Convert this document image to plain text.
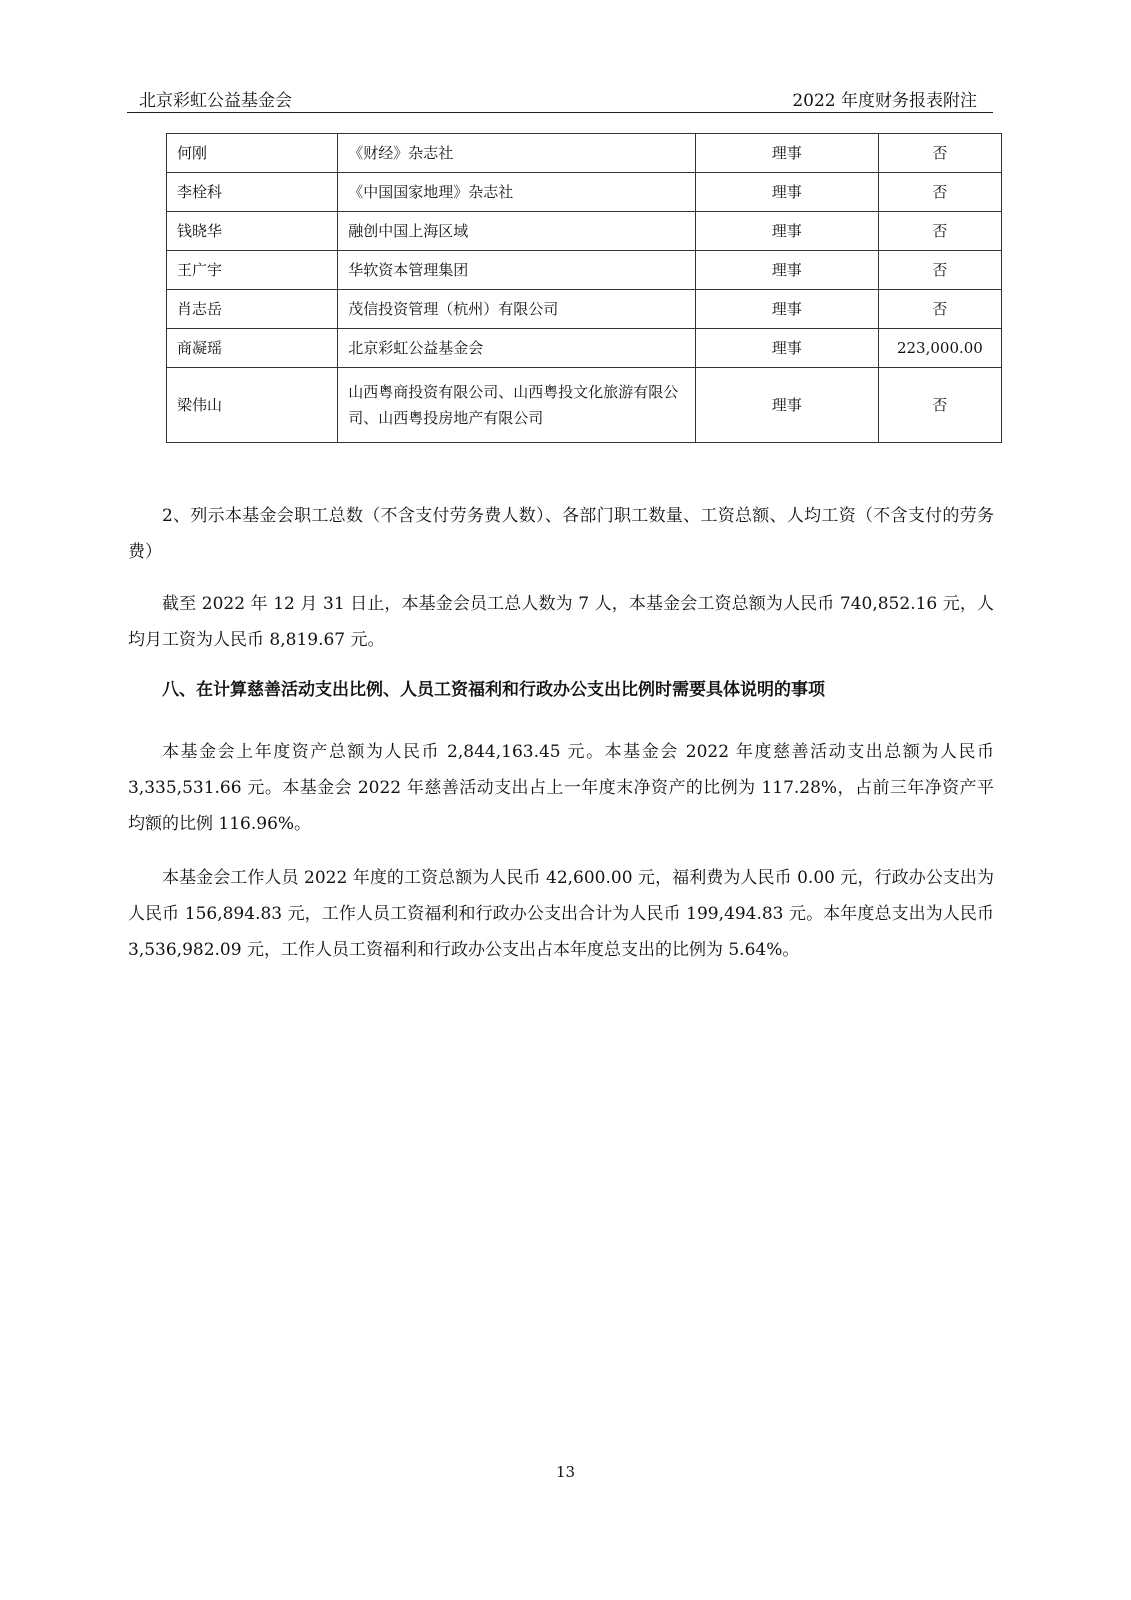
北京彩虹公益基金会	2022 年度财务报表附注
何刚	《财经》杂志社	理事	否
李栓科	《中国国家地理》杂志社	理事	否
钱晓华	融创中国上海区域	理事	否
王广宇	华软资本管理集团	理事	否
肖志岳	茂信投资管理（杭州）有限公司	理事	否
商凝瑶	北京彩虹公益基金会	理事	223,000.00
梁伟山	山西粤商投资有限公司、山西粤投文化旅游有限公司、山西粤投房地产有限公司	理事	否
2、列示本基金会职工总数（不含支付劳务费人数）、各部门职工数量、工资总额、人均工资（不含支付的劳务费）
截至 2022 年 12 月 31 日止，本基金会员工总人数为 7 人，本基金会工资总额为人民币 740,852.16 元，人均月工资为人民币 8,819.67 元。
八、在计算慈善活动支出比例、人员工资福利和行政办公支出比例时需要具体说明的事项
本基金会上年度资产总额为人民币 2,844,163.45 元。本基金会 2022 年度慈善活动支出总额为人民币 3,335,531.66 元。本基金会 2022 年慈善活动支出占上一年度末净资产的比例为 117.28%，占前三年净资产平均额的比例 116.96%。
本基金会工作人员 2022 年度的工资总额为人民币 42,600.00 元，福利费为人民币 0.00 元，行政办公支出为人民币 156,894.83 元，工作人员工资福利和行政办公支出合计为人民币 199,494.83 元。本年度总支出为人民币 3,536,982.09 元，工作人员工资福利和行政办公支出占本年度总支出的比例为 5.64%。
13
